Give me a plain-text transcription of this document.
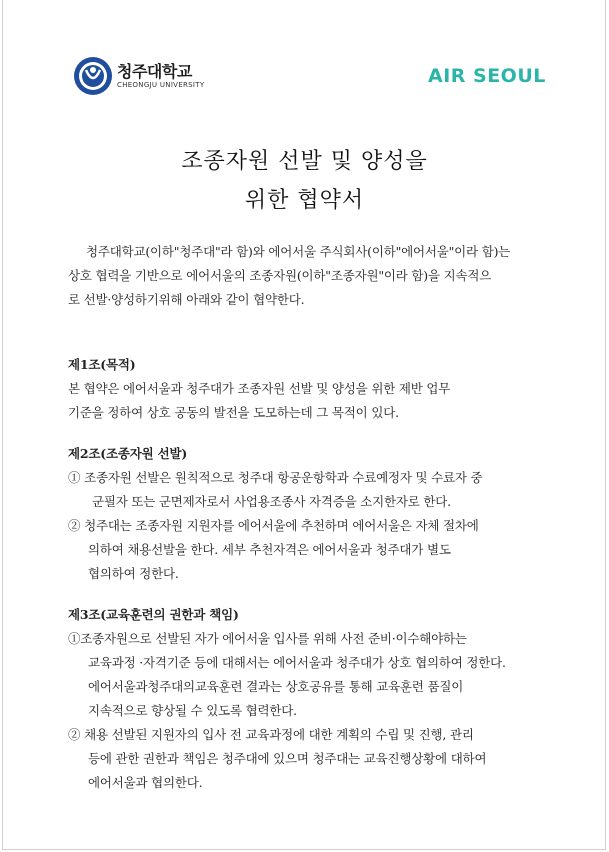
청주대학교
CHEONGJU UNIVERSITY	AIR SEOUL
조종자원 선발 및 양성을
위한 협약서
청주대학교(이하"청주대"라 함)와 에어서울 주식회사(이하"에어서울"이라 함)는
상호 협력을 기반으로 에어서울의 조종자원(이하"조종자원"이라 함)을 지속적으
로 선발·양성하기위해 아래와 같이 협약한다.
제1조(목적)
본 협약은 에어서울과 청주대가 조종자원 선발 및 양성을 위한 제반 업무
기준을 정하여 상호 공동의 발전을 도모하는데 그 목적이 있다.
제2조(조종자원 선발)
① 조종자원 선발은 원칙적으로 청주대 항공운항학과 수료예정자 및 수료자 중
군필자 또는 군면제자로서 사업용조종사 자격증을 소지한자로 한다.
② 청주대는 조종자원 지원자를 에어서울에 추천하며 에어서울은 자체 절차에
의하여 채용선발을 한다. 세부 추천자격은 에어서울과 청주대가 별도
협의하여 정한다.
제3조(교육훈련의 권한과 책임)
①조종자원으로 선발된 자가 에어서울 입사를 위해 사전 준비·이수해야하는
교육과정 ·자격기준 등에 대해서는 에어서울과 청주대가 상호 협의하여 정한다.
에어서울과청주대의교육훈련 결과는 상호공유를 통해 교육훈련 품질이
지속적으로 향상될 수 있도록 협력한다.
② 채용 선발된 지원자의 입사 전 교육과정에 대한 계획의 수립 및 진행, 관리
등에 관한 권한과 책임은 청주대에 있으며 청주대는 교육진행상황에 대하여
에어서울과 협의한다.
